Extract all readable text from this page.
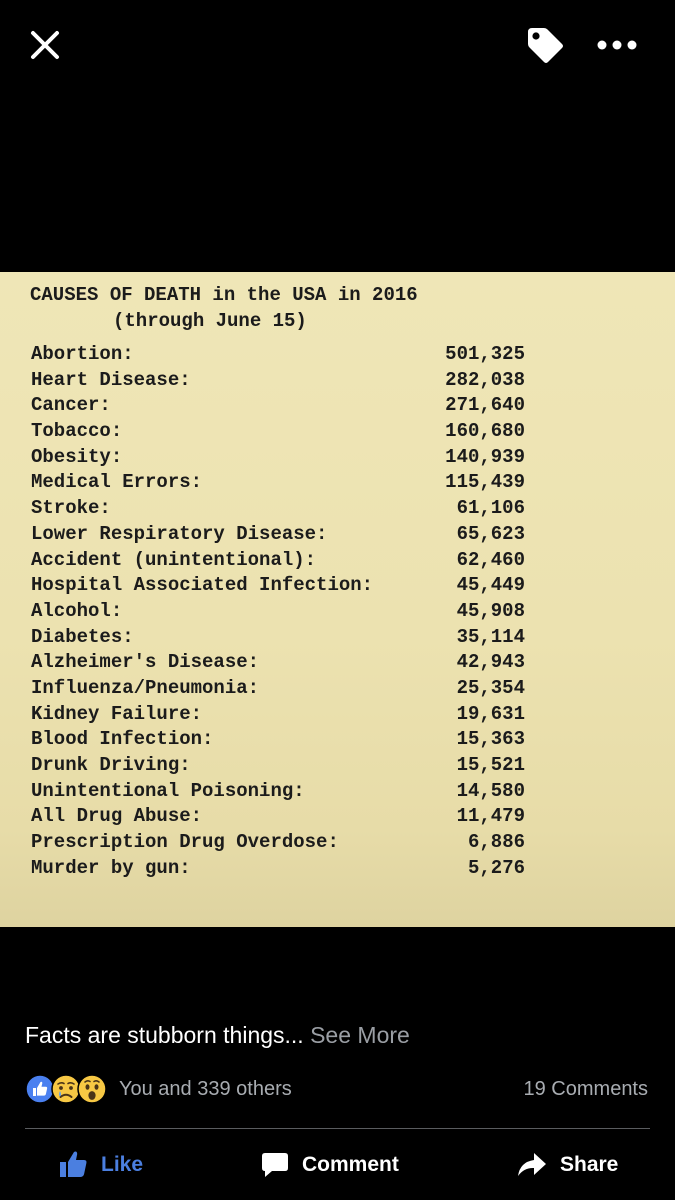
CAUSES OF DEATH in the USA in 2016
(through June 15)
Abortion:	501,325
Heart Disease:	282,038
Cancer:	271,640
Tobacco:	160,680
Obesity:	140,939
Medical Errors:	115,439
Stroke:	61,106
Lower Respiratory Disease:	65,623
Accident (unintentional):	62,460
Hospital Associated Infection:	45,449
Alcohol:	45,908
Diabetes:	35,114
Alzheimer's Disease:	42,943
Influenza/Pneumonia:	25,354
Kidney Failure:	19,631
Blood Infection:	15,363
Drunk Driving:	15,521
Unintentional Poisoning:	14,580
All Drug Abuse:	11,479
Prescription Drug Overdose:	6,886
Murder by gun:	5,276
Facts are stubborn things... See More
You and 339 others	19 Comments
Like	Comment	Share
